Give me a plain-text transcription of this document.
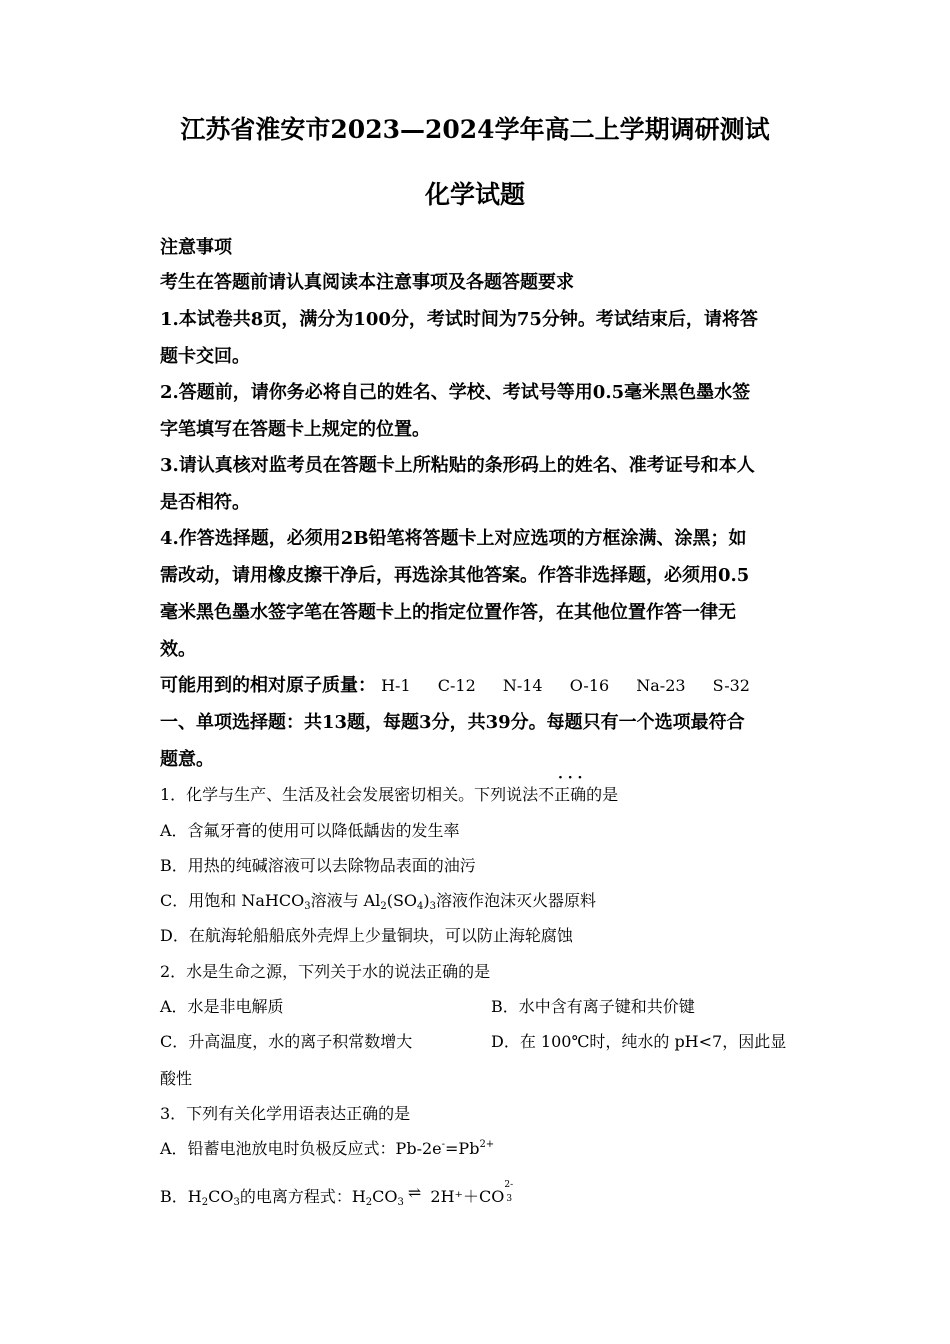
江苏省淮安市2023—2024学年高二上学期调研测试
化学试题
注意事项
考生在答题前请认真阅读本注意事项及各题答题要求
1.本试卷共8页，满分为100分，考试时间为75分钟。考试结束后，请将答
题卡交回。
2.答题前，请你务必将自己的姓名、学校、考试号等用0.5毫米黑色墨水签
字笔填写在答题卡上规定的位置。
3.请认真核对监考员在答题卡上所粘贴的条形码上的姓名、准考证号和本人
是否相符。
4.作答选择题，必须用2B铅笔将答题卡上对应选项的方框涂满、涂黑；如
需改动，请用橡皮擦干净后，再选涂其他答案。作答非选择题，必须用0.5
毫米黑色墨水签字笔在答题卡上的指定位置作答，在其他位置作答一律无
效。
可能用到的相对原子质量： H-1 C-12 N-14 O-16 Na-23 S-32
一、单项选择题：共13题，每题3分，共39分。每题只有一个选项最符合
题意。
1．化学与生产、生活及社会发展密切相关。下列说法不正确的是
· · ·
A．含氟牙膏的使用可以降低龋齿的发生率
B．用热的纯碱溶液可以去除物品表面的油污
C．用饱和 NaHCO$_3$溶液与 $Al_2(SO_4)_3$溶液作泡沫灭火器原料
D．在航海轮船船底外壳焊上少量铜块，可以防止海轮腐蚀
2．水是生命之源，下列关于水的说法正确的是
A．水是非电解质	B．水中含有离子键和共价键
C．升高温度，水的离子积常数增大	D．在 100℃时，纯水的 pH<7，因此显
酸性
3．下列有关化学用语表达正确的是
A．铅蓄电池放电时负极反应式：$Pb-2e^-=Pb^{2+}$
B．$H_2CO_3$的电离方程式：$H_2CO_3\rightleftharpoons$ 2H⁺＋CO
2-
3
